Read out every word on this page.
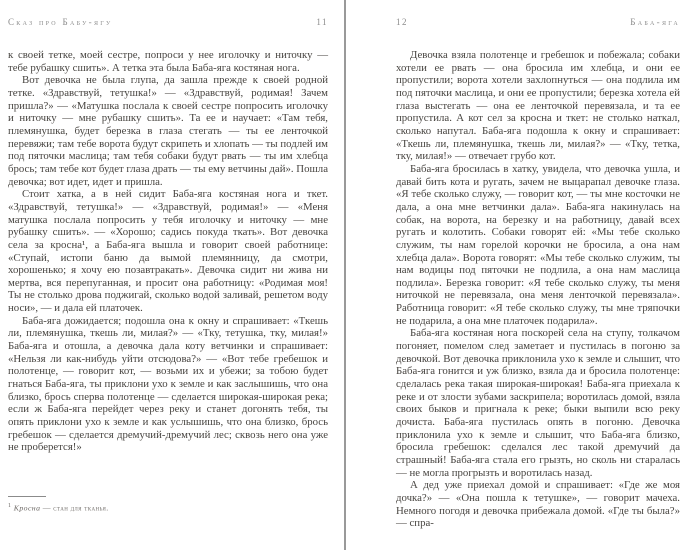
Сказ про Бабу-ягу	11

к своей тетке, моей сестре, попроси у нее иголочку и ниточку — тебе рубашку сшить». А тетка эта была Баба-яга костяная нога.

Вот девочка не была глупа, да зашла прежде к своей родной тетке. «Здравствуй, тетушка!» — «Здравствуй, родимая! Зачем пришла?» — «Матушка послала к своей сестре попросить иголочку и ниточку — мне рубашку сшить». Та ее и научает: «Там тебя, племянушка, будет березка в глаза стегать — ты ее ленточкой перевяжи; там тебе ворота будут скрипеть и хлопать — ты подлей им под пяточки маслица; там тебя собаки будут рвать — ты им хлебца брось; там тебе кот будет глаза драть — ты ему ветчины дай». Пошла девочка; вот идет, идет и пришла.

Стоит хатка, а в ней сидит Баба-яга костяная нога и ткет. «Здравствуй, тетушка!» — «Здравствуй, родимая!» — «Меня матушка послала попросить у тебя иголочку и ниточку — мне рубашку сшить». — «Хорошо; садись покуда ткать». Вот девочка села за кросна¹, а Баба-яга вышла и говорит своей работнице: «Ступай, истопи баню да вымой племянницу, да смотри, хорошенько; я хочу ею позавтракать». Девочка сидит ни жива ни мертва, вся перепуганная, и просит она работницу: «Родимая моя! Ты не столько дрова поджигай, сколько водой заливай, решетом воду носи», — и дала ей платочек.

Баба-яга дожидается; подошла она к окну и спрашивает: «Ткешь ли, племянушка, ткешь ли, милая?» — «Тку, тетушка, тку, милая!» Баба-яга и отошла, а девочка дала коту ветчинки и спрашивает: «Нельзя ли как-нибудь уйти отсюдова?» — «Вот тебе гребешок и полотенце, — говорит кот, — возьми их и убежи; за тобою будет гнаться Баба-яга, ты приклони ухо к земле и как заслышишь, что она близко, брось сперва полотенце — сделается широкая-широкая река; если ж Баба-яга перейдет через реку и станет догонять тебя, ты опять приклони ухо к земле и как услышишь, что она близко, брось гребешок — сделается дремучий-дремучий лес; сквозь него она уже не проберется!»

$^1$ Кросна — стан для тканья.
12	Баба-яга

Девочка взяла полотенце и гребешок и побежала; собаки хотели ее рвать — она бросила им хлебца, и они ее пропустили; ворота хотели захлопнуться — она подлила им под пяточки маслица, и они ее пропустили; березка хотела ей глаза выстегать — она ее ленточкой перевязала, и та ее пропустила. А кот сел за кросна и ткет: не столько наткал, сколько напутал. Баба-яга подошла к окну и спрашивает: «Ткешь ли, племянушка, ткешь ли, милая?» — «Тку, тетка, тку, милая!» — отвечает грубо кот.

Баба-яга бросилась в хатку, увидела, что девочка ушла, и давай бить кота и ругать, зачем не выцарапал девочке глаза. «Я тебе сколько служу, — говорит кот, — ты мне косточки не дала, а она мне ветчинки дала». Баба-яга накинулась на собак, на ворота, на березку и на работницу, давай всех ругать и колотить. Собаки говорят ей: «Мы тебе сколько служим, ты нам горелой корочки не бросила, а она нам хлебца дала». Ворота говорят: «Мы тебе сколько служим, ты нам водицы под пяточки не подлила, а она нам маслица подлила». Березка говорит: «Я тебе сколько служу, ты меня ниточкой не перевязала, она меня ленточкой перевязала». Работница говорит: «Я тебе сколько служу, ты мне тряпочки не подарила, а она мне платочек подарила».

Баба-яга костяная нога поскорей села на ступу, толкачом погоняет, помелом след заметает и пустилась в погоню за девочкой. Вот девочка приклонила ухо к земле и слышит, что Баба-яга гонится и уж близко, взяла да и бросила полотенце: сделалась река такая широкая-широкая! Баба-яга приехала к реке и от злости зубами заскрипела; воротилась домой, взяла своих быков и пригнала к реке; быки выпили всю реку дочиста. Баба-яга пустилась опять в погоню. Девочка приклонила ухо к земле и слышит, что Баба-яга близко, бросила гребешок: сделался лес такой дремучий да страшный! Баба-яга стала его грызть, но сколь ни старалась — не могла прогрызть и воротилась назад.

А дед уже приехал домой и спрашивает: «Где же моя дочка?» — «Она пошла к тетушке», — говорит мачеха. Немного погодя и девочка прибежала домой. «Где ты была?» — спра-
